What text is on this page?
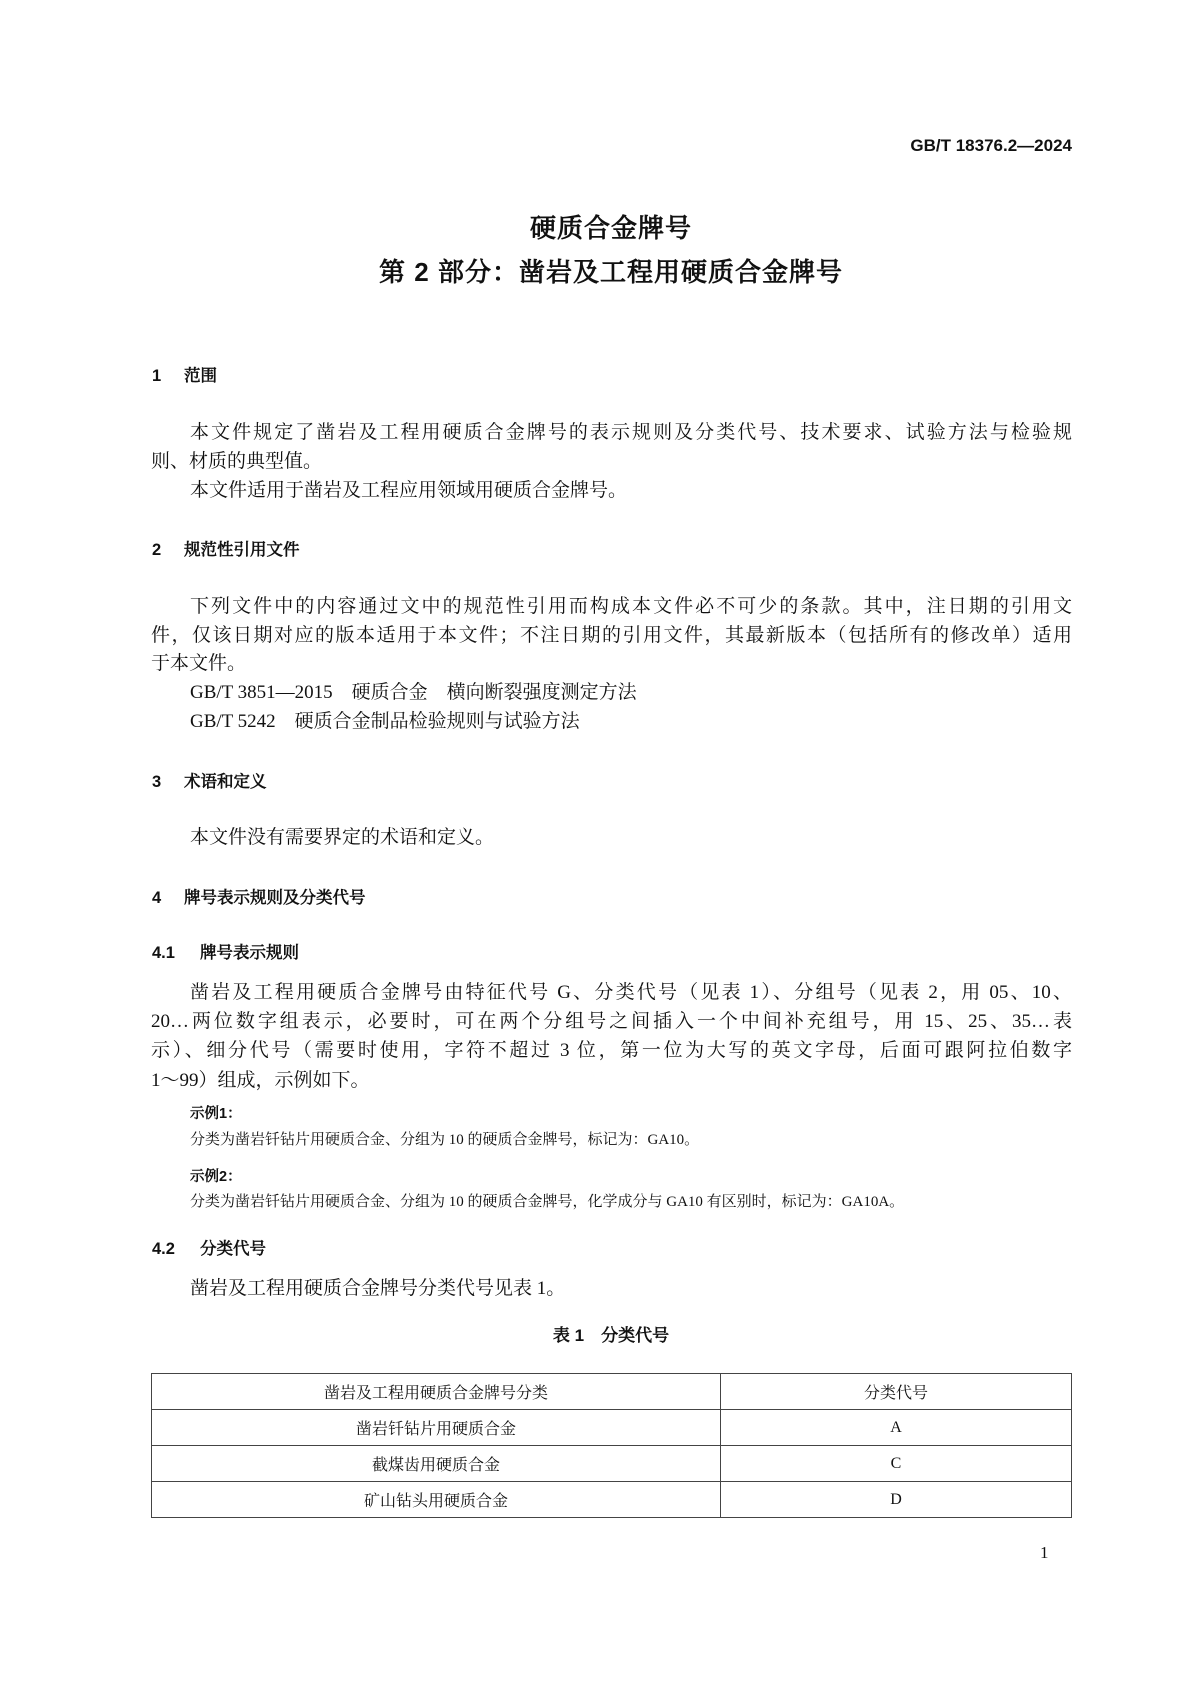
GB/T 18376.2—2024
硬质合金牌号
第 2 部分：凿岩及工程用硬质合金牌号
1 范围
本文件规定了凿岩及工程用硬质合金牌号的表示规则及分类代号、技术要求、试验方法与检验规
则、材质的典型值。
本文件适用于凿岩及工程应用领域用硬质合金牌号。
2 规范性引用文件
下列文件中的内容通过文中的规范性引用而构成本文件必不可少的条款。其中，注日期的引用文
件，仅该日期对应的版本适用于本文件；不注日期的引用文件，其最新版本（包括所有的修改单）适用
于本文件。
GB/T 3851—2015　硬质合金　横向断裂强度测定方法
GB/T 5242　硬质合金制品检验规则与试验方法
3 术语和定义
本文件没有需要界定的术语和定义。
4 牌号表示规则及分类代号
4.1 牌号表示规则
凿岩及工程用硬质合金牌号由特征代号 G、分类代号（见表 1）、分组号（见表 2，用 05、10、
20…两位数字组表示，必要时，可在两个分组号之间插入一个中间补充组号，用 15、25、35…表
示）、细分代号（需要时使用，字符不超过 3 位，第一位为大写的英文字母，后面可跟阿拉伯数字
1～99）组成，示例如下。
示例1：
分类为凿岩钎钻片用硬质合金、分组为 10 的硬质合金牌号，标记为：GA10。
示例2：
分类为凿岩钎钻片用硬质合金、分组为 10 的硬质合金牌号，化学成分与 GA10 有区别时，标记为：GA10A。
4.2 分类代号
凿岩及工程用硬质合金牌号分类代号见表 1。
表 1　分类代号
凿岩及工程用硬质合金牌号分类	分类代号
凿岩钎钻片用硬质合金	A
截煤齿用硬质合金	C
矿山钻头用硬质合金	D
1
